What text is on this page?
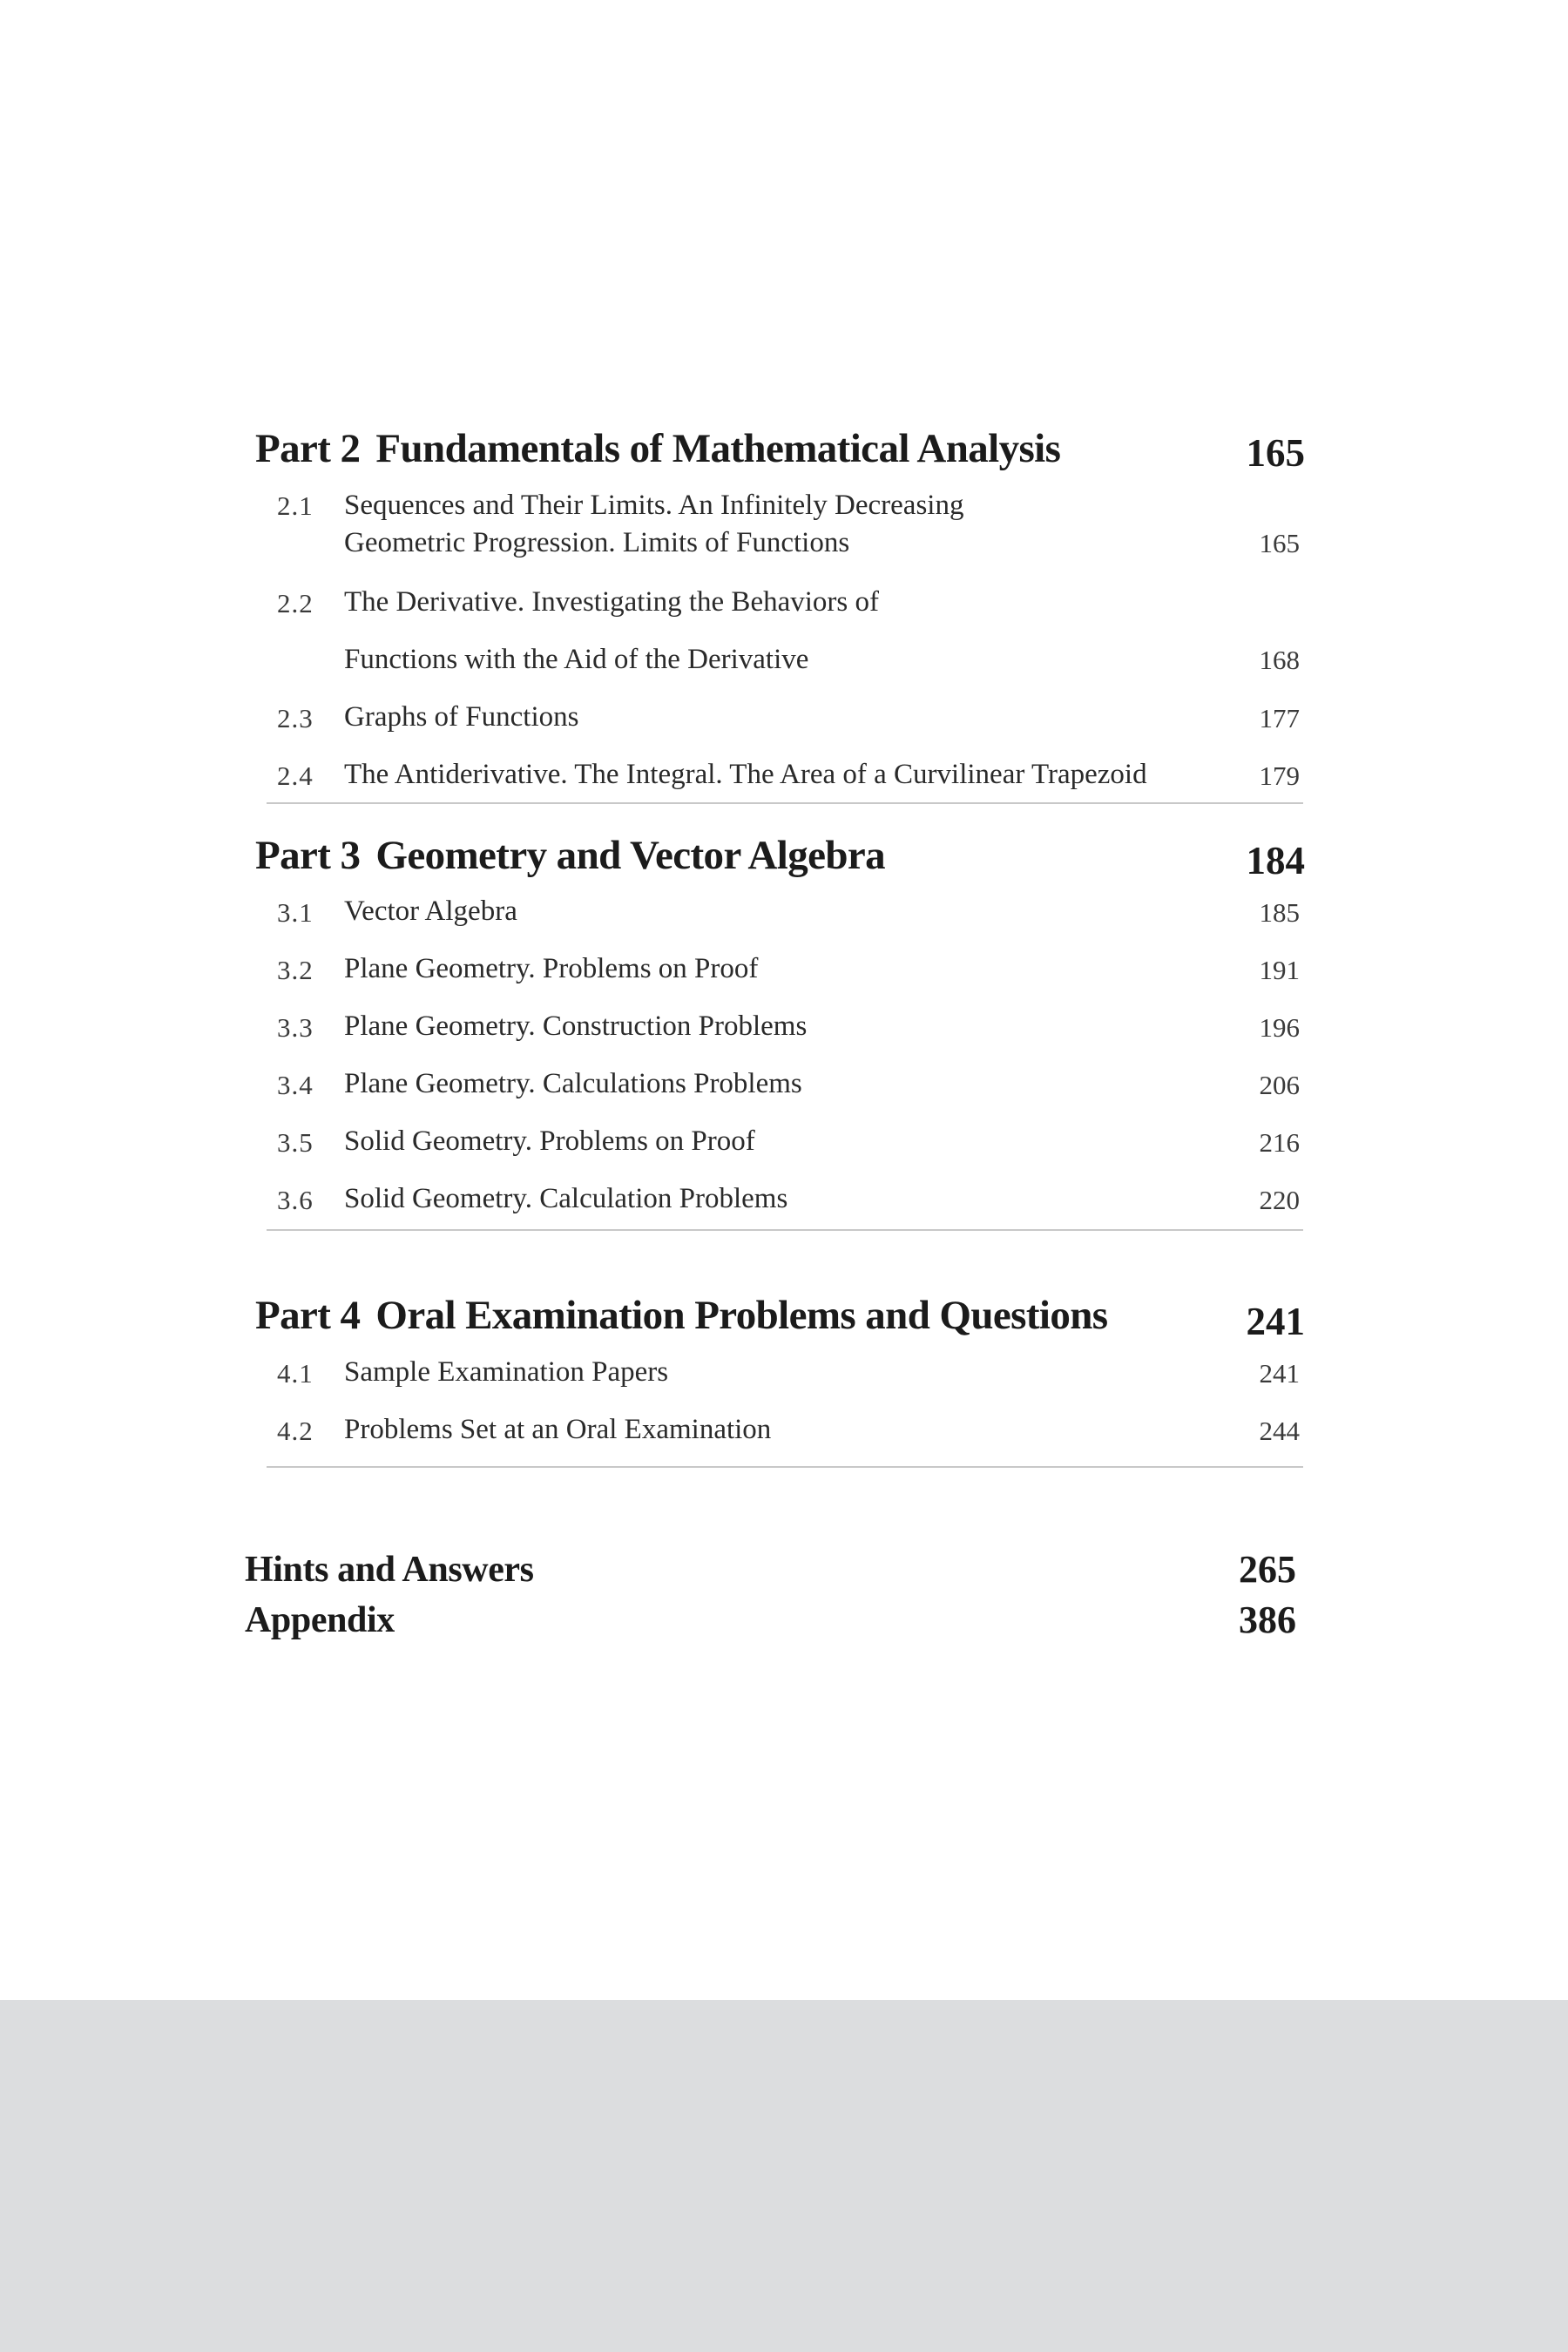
Part 2 Fundamentals of Mathematical Analysis	165
2.1 Sequences and Their Limits. An Infinitely Decreasing
Geometric Progression. Limits of Functions	165
2.2 The Derivative. Investigating the Behaviors of
Functions with the Aid of the Derivative	168
2.3 Graphs of Functions	177
2.4 The Antiderivative. The Integral. The Area of a Curvilinear Trapezoid	179
Part 3 Geometry and Vector Algebra	184
3.1 Vector Algebra	185
3.2 Plane Geometry. Problems on Proof	191
3.3 Plane Geometry. Construction Problems	196
3.4 Plane Geometry. Calculations Problems	206
3.5 Solid Geometry. Problems on Proof	216
3.6 Solid Geometry. Calculation Problems	220
Part 4 Oral Examination Problems and Questions	241
4.1 Sample Examination Papers	241
4.2 Problems Set at an Oral Examination	244
Hints and Answers	265
Appendix	386
